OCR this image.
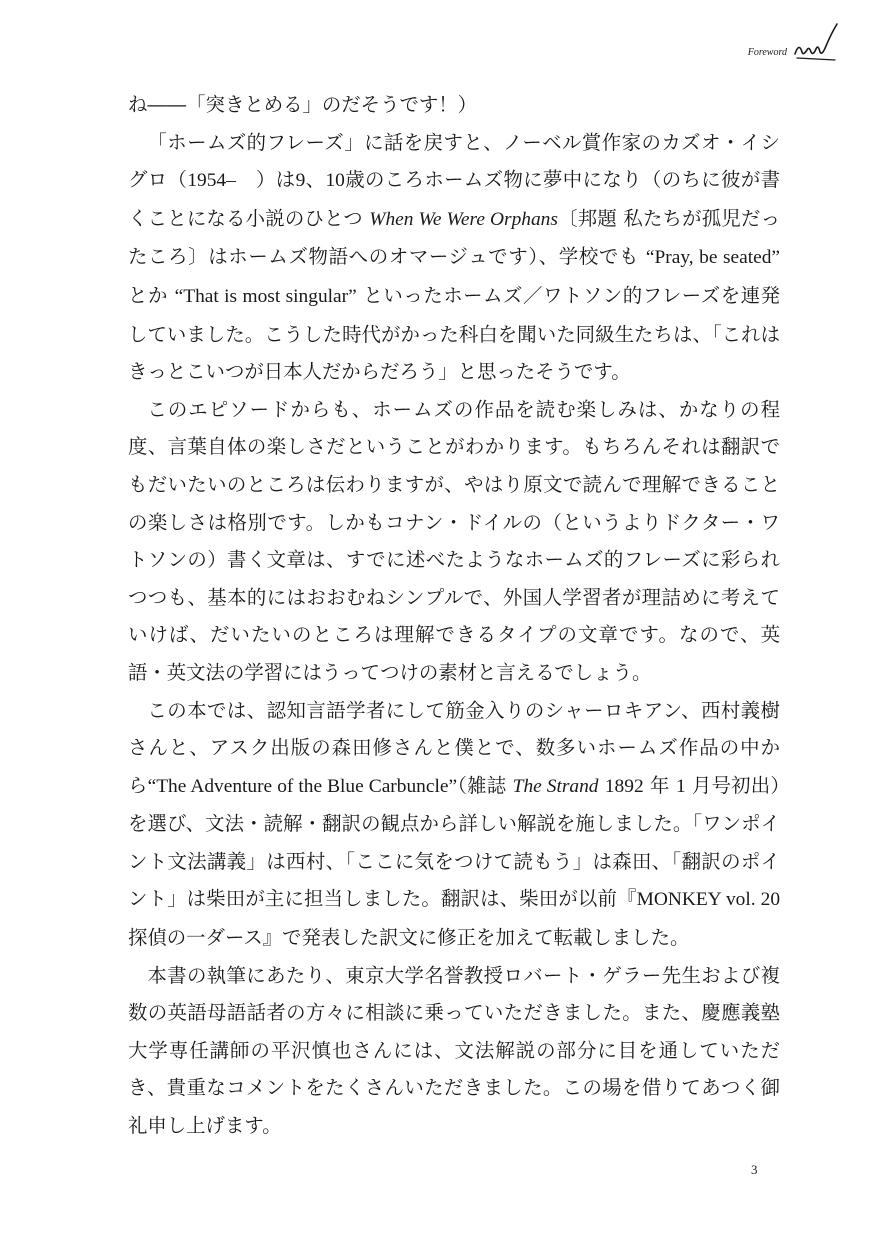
Foreword

ね――「突きとめる」のだそうです！）

「ホームズ的フレーズ」に話を戻すと、ノーベル賞作家のカズオ・イシグロ（1954–　）は9、10歳のころホームズ物に夢中になり（のちに彼が書くことになる小説のひとつ When We Were Orphans〔邦題 私たちが孤児だったころ〕はホームズ物語へのオマージュです）、学校でも “Pray, be seated” とか “That is most singular” といったホームズ／ワトソン的フレーズを連発していました。こうした時代がかった科白を聞いた同級生たちは、「これはきっとこいつが日本人だからだろう」と思ったそうです。

このエピソードからも、ホームズの作品を読む楽しみは、かなりの程度、言葉自体の楽しさだということがわかります。もちろんそれは翻訳でもだいたいのところは伝わりますが、やはり原文で読んで理解できることの楽しさは格別です。しかもコナン・ドイルの（というよりドクター・ワトソンの）書く文章は、すでに述べたようなホームズ的フレーズに彩られつつも、基本的にはおおむねシンプルで、外国人学習者が理詰めに考えていけば、だいたいのところは理解できるタイプの文章です。なので、英語・英文法の学習にはうってつけの素材と言えるでしょう。

この本では、認知言語学者にして筋金入りのシャーロキアン、西村義樹さんと、アスク出版の森田修さんと僕とで、数多いホームズ作品の中から“The Adventure of the Blue Carbuncle”（雑誌 The Strand 1892 年 1 月号初出）を選び、文法・読解・翻訳の観点から詳しい解説を施しました。「ワンポイント文法講義」は西村、「ここに気をつけて読もう」は森田、「翻訳のポイント」は柴田が主に担当しました。翻訳は、柴田が以前『MONKEY vol. 20 探偵の一ダース』で発表した訳文に修正を加えて転載しました。

本書の執筆にあたり、東京大学名誉教授ロバート・ゲラー先生および複数の英語母語話者の方々に相談に乗っていただきました。また、慶應義塾大学専任講師の平沢慎也さんには、文法解説の部分に目を通していただき、貴重なコメントをたくさんいただきました。この場を借りてあつく御礼申し上げます。

3
